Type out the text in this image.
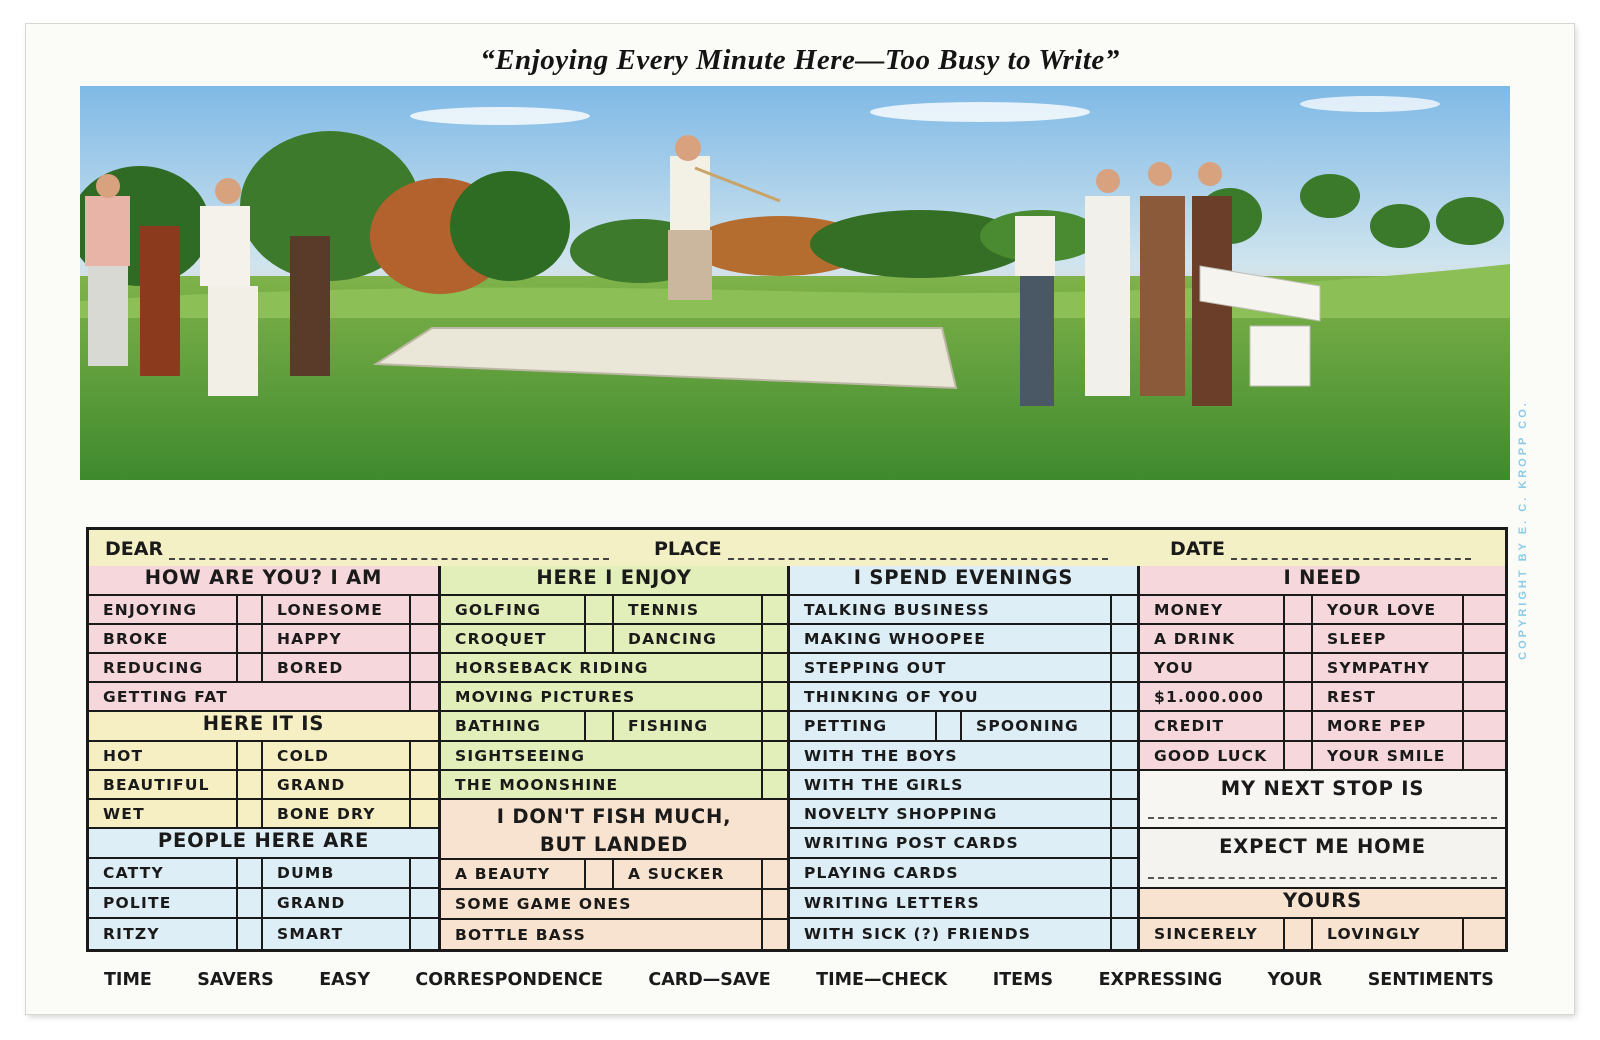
“Enjoying Every Minute Here—Too Busy to Write”
COPYRIGHT BY E. C. KROPP CO.
DEAR	PLACE	DATE
HOW ARE YOU? I AM
ENJOYING	LONESOME
BROKE	HAPPY
REDUCING	BORED
GETTING FAT
HERE IT IS
HOT	COLD
BEAUTIFUL	GRAND
WET	BONE DRY
PEOPLE HERE ARE
CATTY	DUMB
POLITE	GRAND
RITZY	SMART
HERE I ENJOY
GOLFING	TENNIS
CROQUET	DANCING
HORSEBACK RIDING
MOVING PICTURES
BATHING	FISHING
SIGHTSEEING
THE MOONSHINE
I DON'T FISH MUCH,
BUT LANDED
A BEAUTY	A SUCKER
SOME GAME ONES
BOTTLE BASS
I SPEND EVENINGS
TALKING BUSINESS
MAKING WHOOPEE
STEPPING OUT
THINKING OF YOU
PETTING	SPOONING
WITH THE BOYS
WITH THE GIRLS
NOVELTY SHOPPING
WRITING POST CARDS
PLAYING CARDS
WRITING LETTERS
WITH SICK (?) FRIENDS
I NEED
MONEY	YOUR LOVE
A DRINK	SLEEP
YOU	SYMPATHY
$1.000.000	REST
CREDIT	MORE PEP
GOOD LUCK	YOUR SMILE
MY NEXT STOP IS
EXPECT ME HOME
YOURS
SINCERELY	LOVINGLY
TIME	SAVERS	EASY	CORRESPONDENCE	CARD—SAVE	TIME—CHECK	ITEMS	EXPRESSING	YOUR	SENTIMENTS
